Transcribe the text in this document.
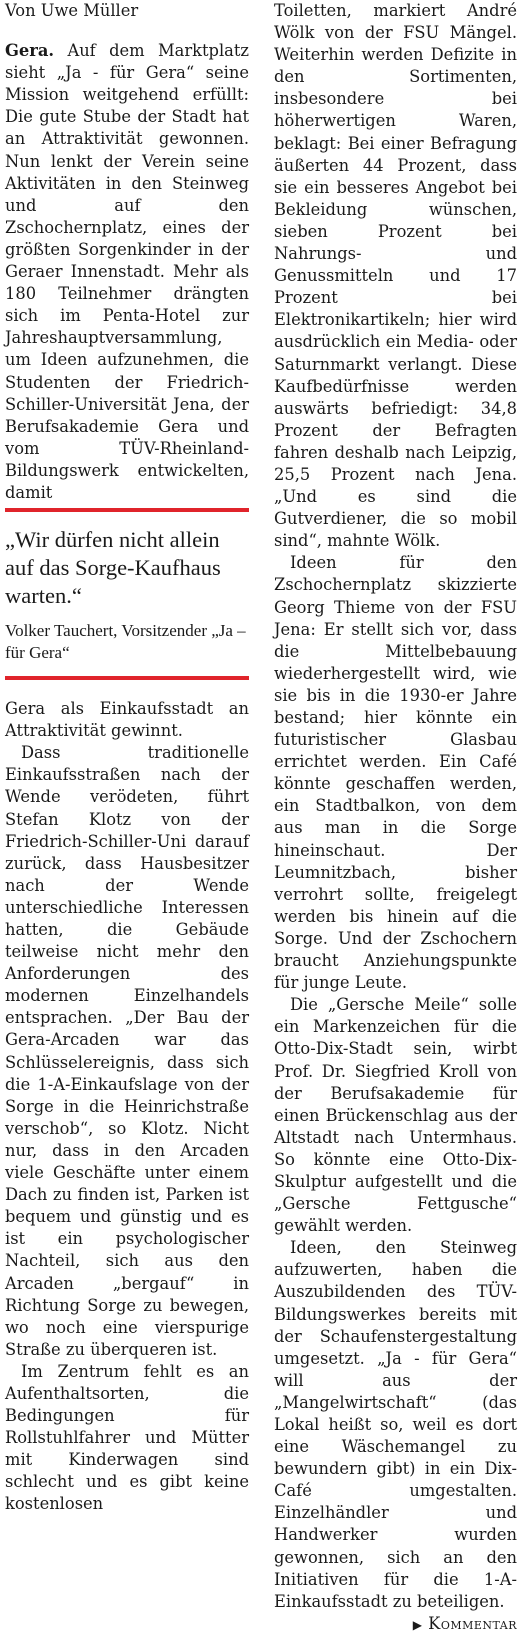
Von Uwe Müller

Gera. Auf dem Marktplatz sieht „Ja - für Gera“ seine Mission weitgehend erfüllt: Die gute Stube der Stadt hat an Attraktivität gewonnen. Nun lenkt der Verein seine Aktivitäten in den Steinweg und auf den Zschochernplatz, eines der größten Sorgenkinder in der Geraer Innenstadt. Mehr als 180 Teilnehmer drängten sich im Penta-Hotel zur Jahreshauptversammlung, um Ideen aufzunehmen, die Studenten der Friedrich-Schiller-Universität Jena, der Berufsakademie Gera und vom TÜV-Rheinland-Bildungswerk entwickelten, damit

„Wir dürfen nicht allein auf das Sorge-Kaufhaus warten.“

Volker Tauchert, Vorsitzender „Ja – für Gera“

Gera als Einkaufsstadt an Attraktivität gewinnt.

Dass traditionelle Einkaufsstraßen nach der Wende verödeten, führt Stefan Klotz von der Friedrich-Schiller-Uni darauf zurück, dass Hausbesitzer nach der Wende unterschiedliche Interessen hatten, die Gebäude teilweise nicht mehr den Anforderungen des modernen Einzelhandels entsprachen. „Der Bau der Gera-Arcaden war das Schlüsselereignis, dass sich die 1-A-Einkaufslage von der Sorge in die Heinrichstraße verschob“, so Klotz. Nicht nur, dass in den Arcaden viele Geschäfte unter einem Dach zu finden ist, Parken ist bequem und günstig und es ist ein psychologischer Nachteil, sich aus den Arcaden „bergauf“ in Richtung Sorge zu bewegen, wo noch eine vierspurige Straße zu überqueren ist.

Im Zentrum fehlt es an Aufenthaltsorten, die Bedingungen für Rollstuhlfahrer und Mütter mit Kinderwagen sind schlecht und es gibt keine kostenlosen

Toiletten, markiert André Wölk von der FSU Mängel. Weiterhin werden Defizite in den Sortimenten, insbesondere bei höherwertigen Waren, beklagt: Bei einer Befragung äußerten 44 Prozent, dass sie ein besseres Angebot bei Bekleidung wünschen, sieben Prozent bei Nahrungs- und Genussmitteln und 17 Prozent bei Elektronikartikeln; hier wird ausdrücklich ein Media- oder Saturnmarkt verlangt. Diese Kaufbedürfnisse werden auswärts befriedigt: 34,8 Prozent der Befragten fahren deshalb nach Leipzig, 25,5 Prozent nach Jena. „Und es sind die Gutverdiener, die so mobil sind“, mahnte Wölk.

Ideen für den Zschochernplatz skizzierte Georg Thieme von der FSU Jena: Er stellt sich vor, dass die Mittelbebauung wiederhergestellt wird, wie sie bis in die 1930-er Jahre bestand; hier könnte ein futuristischer Glasbau errichtet werden. Ein Café könnte geschaffen werden, ein Stadtbalkon, von dem aus man in die Sorge hineinschaut. Der Leumnitzbach, bisher verrohrt sollte, freigelegt werden bis hinein auf die Sorge. Und der Zschochern braucht Anziehungspunkte für junge Leute.

Die „Gersche Meile“ solle ein Markenzeichen für die Otto-Dix-Stadt sein, wirbt Prof. Dr. Siegfried Kroll von der Berufsakademie für einen Brückenschlag aus der Altstadt nach Untermhaus. So könnte eine Otto-Dix-Skulptur aufgestellt und die „Gersche Fettgusche“ gewählt werden.

Ideen, den Steinweg aufzuwerten, haben die Auszubildenden des TÜV-Bildungswerkes bereits mit der Schaufenstergestaltung umgesetzt. „Ja - für Gera“ will aus der „Mangelwirtschaft“ (das Lokal heißt so, weil es dort eine Wäschemangel zu bewundern gibt) in ein Dix-Café umgestalten. Einzelhändler und Handwerker wurden gewonnen, sich an den Initiativen für die 1-A-Einkaufsstadt zu beteiligen.
▶ Kommentar
